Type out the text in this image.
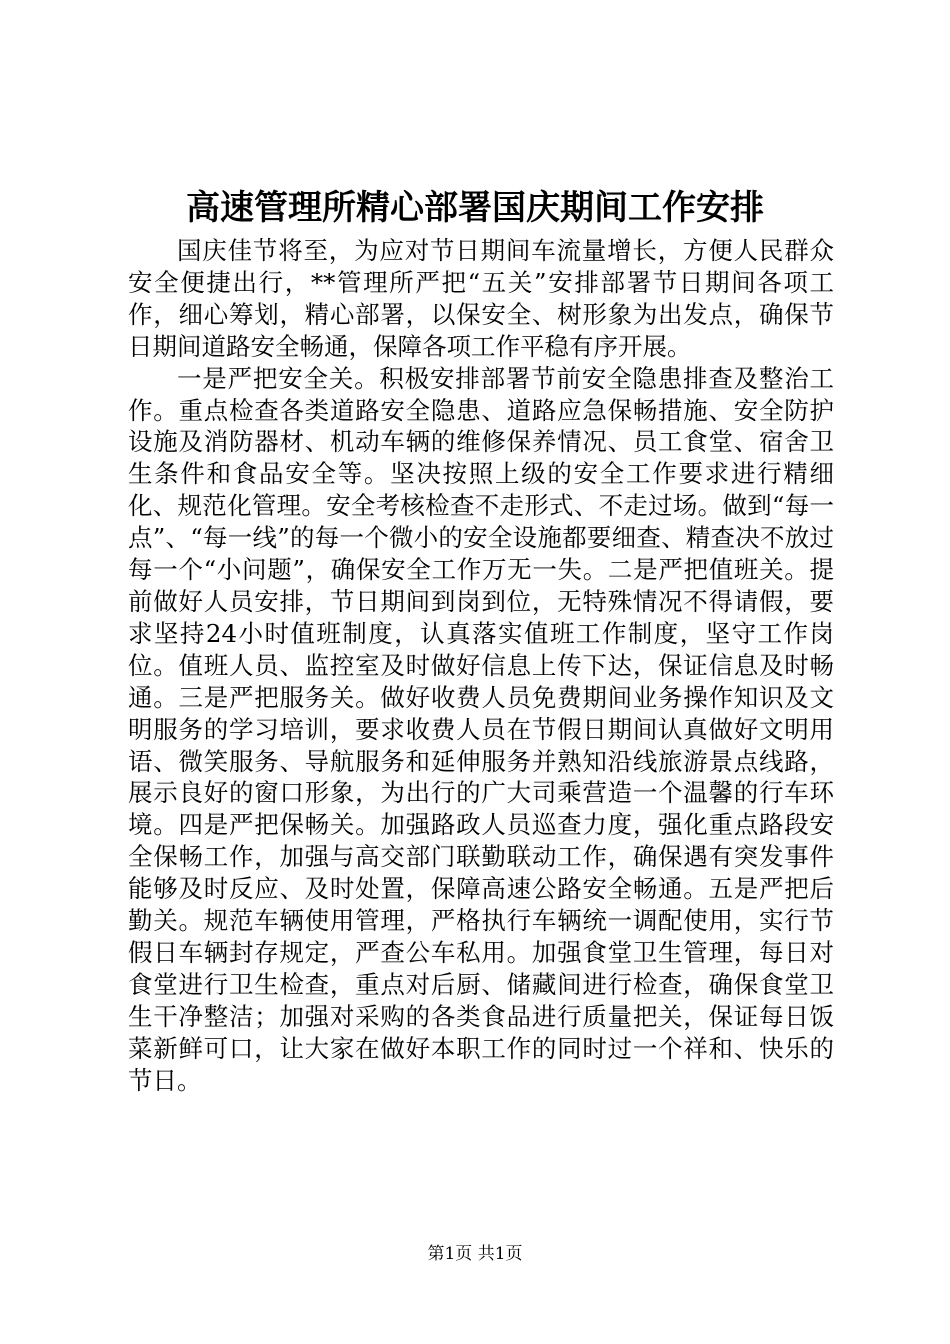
高速管理所精心部署国庆期间工作安排

国庆佳节将至，为应对节日期间车流量增长，方便人民群众安全便捷出行，**管理所严把“五关”安排部署节日期间各项工作，细心筹划，精心部署，以保安全、树形象为出发点，确保节日期间道路安全畅通，保障各项工作平稳有序开展。

一是严把安全关。积极安排部署节前安全隐患排查及整治工作。重点检查各类道路安全隐患、道路应急保畅措施、安全防护设施及消防器材、机动车辆的维修保养情况、员工食堂、宿舍卫生条件和食品安全等。坚决按照上级的安全工作要求进行精细化、规范化管理。安全考核检查不走形式、不走过场。做到“每一点”、“每一线”的每一个微小的安全设施都要细查、精查决不放过每一个“小问题”，确保安全工作万无一失。二是严把值班关。提前做好人员安排，节日期间到岗到位，无特殊情况不得请假，要求坚持24小时值班制度，认真落实值班工作制度，坚守工作岗位。值班人员、监控室及时做好信息上传下达，保证信息及时畅通。三是严把服务关。做好收费人员免费期间业务操作知识及文明服务的学习培训，要求收费人员在节假日期间认真做好文明用语、微笑服务、导航服务和延伸服务并熟知沿线旅游景点线路，展示良好的窗口形象，为出行的广大司乘营造一个温馨的行车环境。四是严把保畅关。加强路政人员巡查力度，强化重点路段安全保畅工作，加强与高交部门联勤联动工作，确保遇有突发事件能够及时反应、及时处置，保障高速公路安全畅通。五是严把后勤关。规范车辆使用管理，严格执行车辆统一调配使用，实行节假日车辆封存规定，严查公车私用。加强食堂卫生管理，每日对食堂进行卫生检查，重点对后厨、储藏间进行检查，确保食堂卫生干净整洁；加强对采购的各类食品进行质量把关，保证每日饭菜新鲜可口，让大家在做好本职工作的同时过一个祥和、快乐的节日。

第1页 共1页
